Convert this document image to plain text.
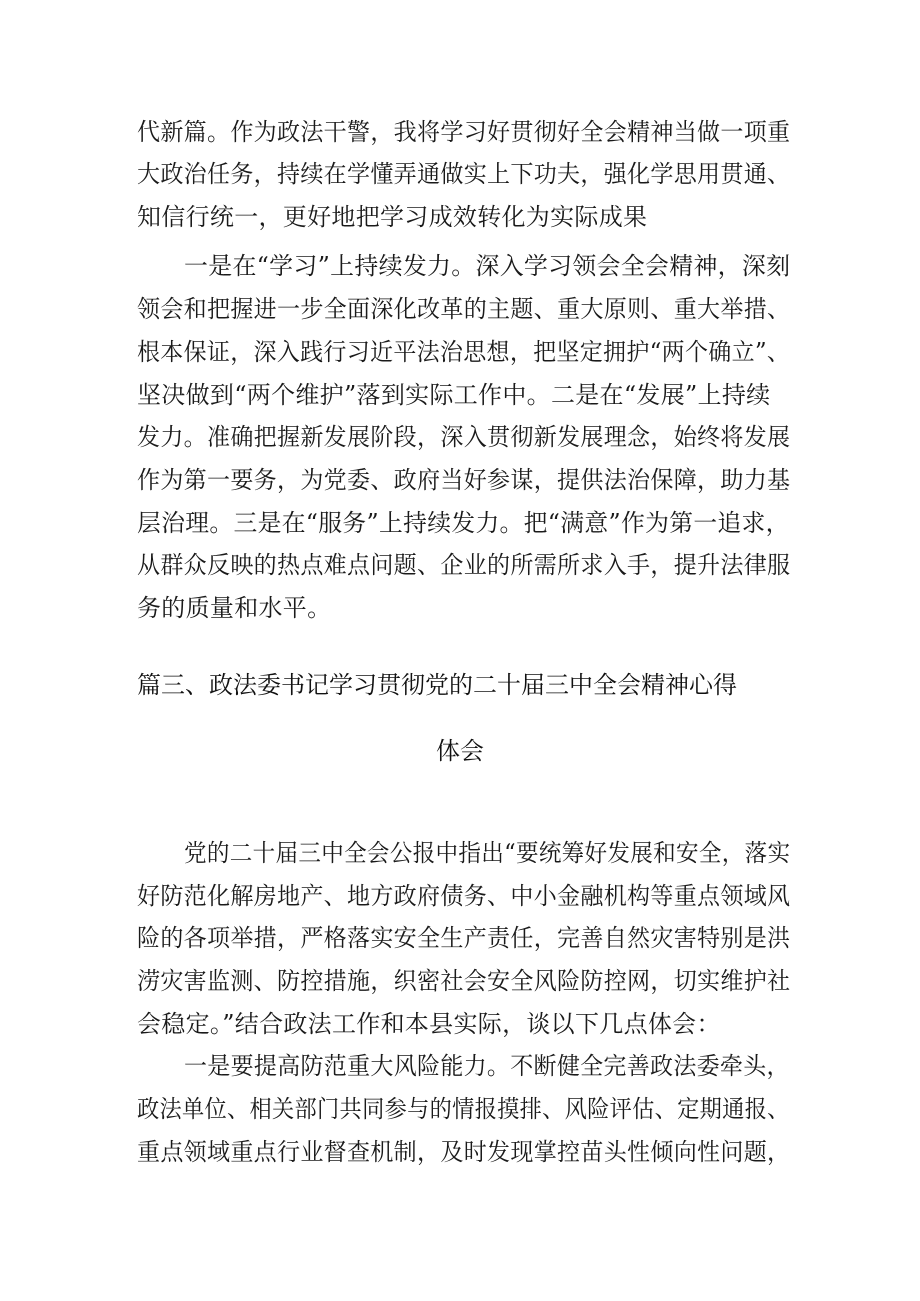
代新篇。作为政法干警，我将学习好贯彻好全会精神当做一项重
大政治任务，持续在学懂弄通做实上下功夫，强化学思用贯通、
知信行统一，更好地把学习成效转化为实际成果
一是在“学习”上持续发力。深入学习领会全会精神，深刻
领会和把握进一步全面深化改革的主题、重大原则、重大举措、
根本保证，深入践行习近平法治思想，把坚定拥护“两个确立”、
坚决做到“两个维护”落到实际工作中。二是在“发展”上持续
发力。准确把握新发展阶段，深入贯彻新发展理念，始终将发展
作为第一要务，为党委、政府当好参谋，提供法治保障，助力基
层治理。三是在“服务”上持续发力。把“满意”作为第一追求，
从群众反映的热点难点问题、企业的所需所求入手，提升法律服
务的质量和水平。
篇三、政法委书记学习贯彻党的二十届三中全会精神心得
体会
党的二十届三中全会公报中指出“要统筹好发展和安全，落实
好防范化解房地产、地方政府债务、中小金融机构等重点领域风
险的各项举措，严格落实安全生产责任，完善自然灾害特别是洪
涝灾害监测、防控措施，织密社会安全风险防控网，切实维护社
会稳定。”结合政法工作和本县实际，谈以下几点体会：
一是要提高防范重大风险能力。不断健全完善政法委牵头，
政法单位、相关部门共同参与的情报摸排、风险评估、定期通报、
重点领域重点行业督查机制，及时发现掌控苗头性倾向性问题，
